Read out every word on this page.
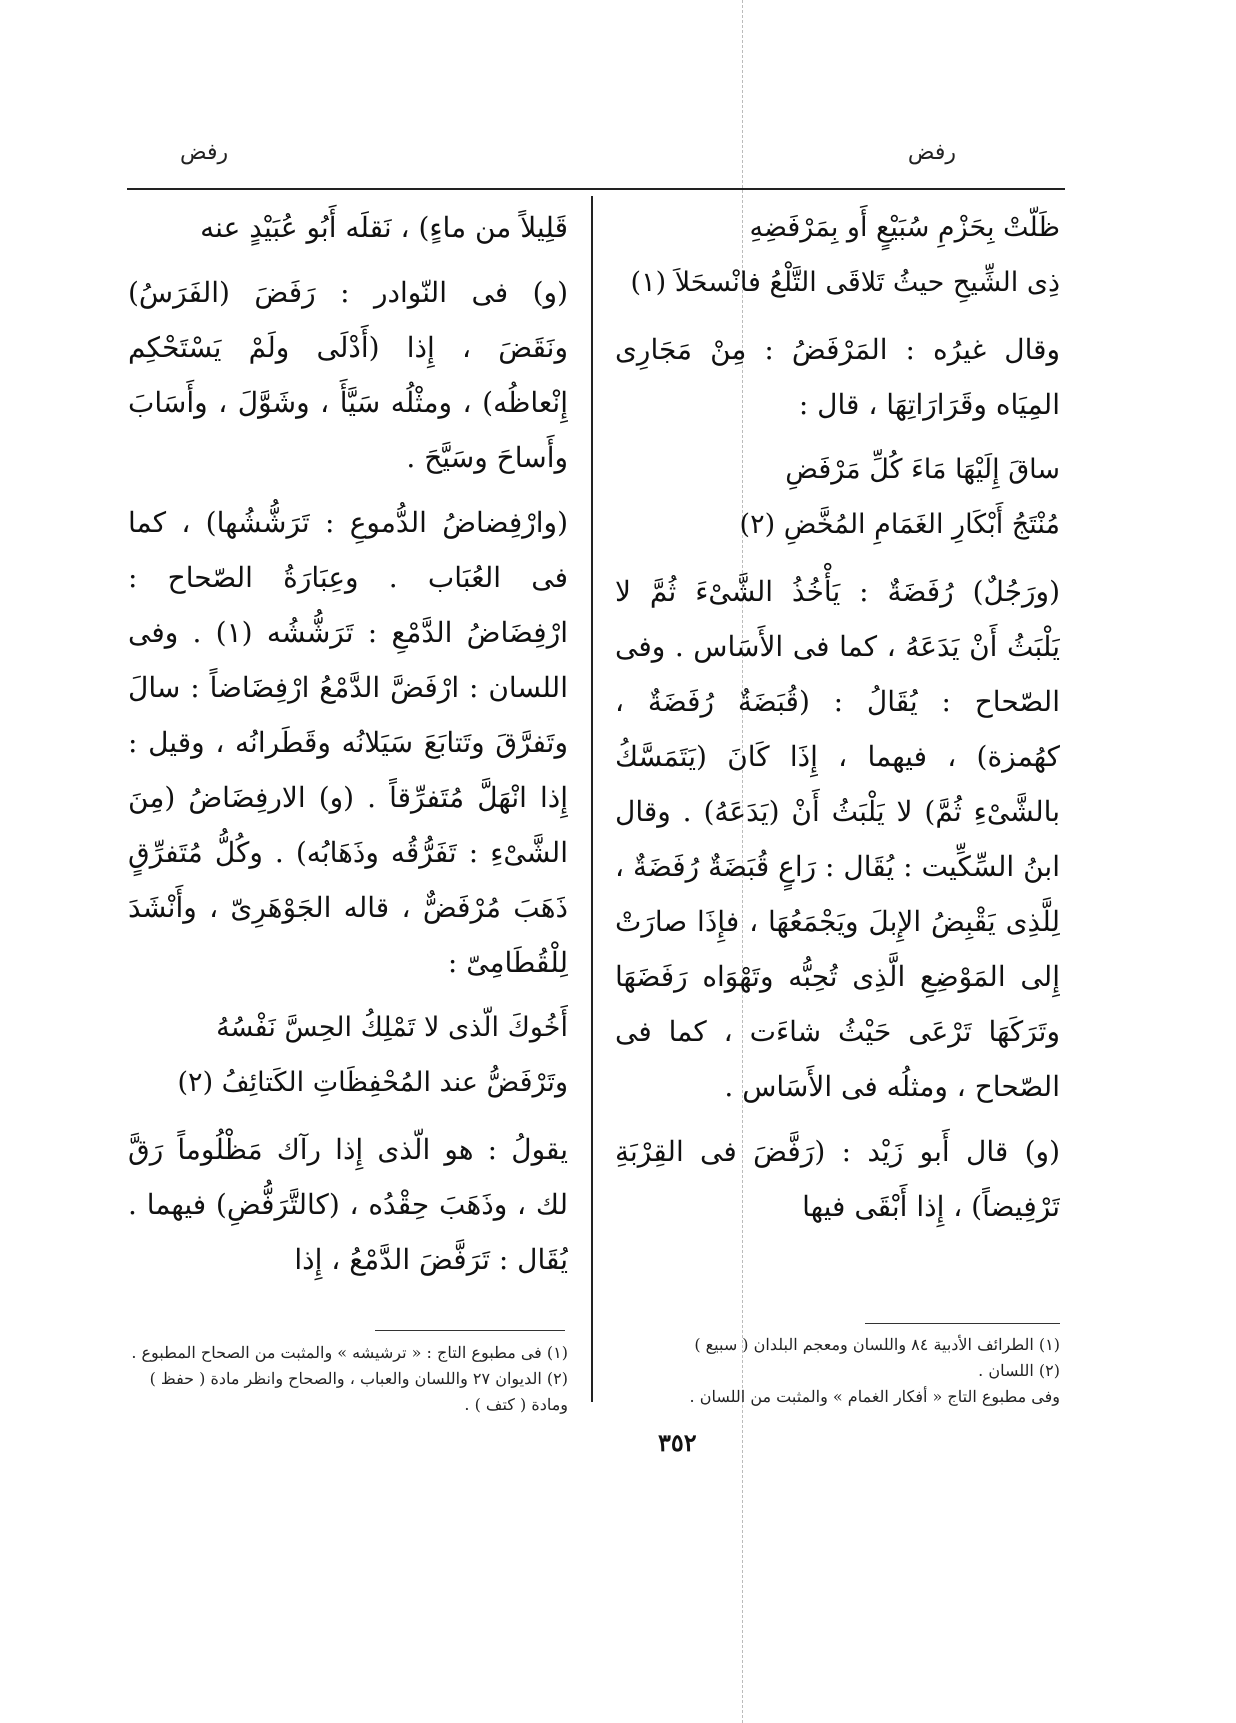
رفض
رفض

ظَلّتْ بِحَزْمِ سُبَيْعٍ أَو بِمَرْفَضِهِ

ذِى الشِّيحِ حيثُ تَلاقَى التَّلْعُ فانْسحَلاَ (١)

وقال غيرُه : المَرْفَضُ : مِنْ مَجَارِى المِيَاه وقَرَارَاتِهَا ، قال :

ساقَ إِلَيْهَا مَاءَ كُلِّ مَرْفَضِ

مُنْتَجُ أَبْكَارِ الغَمَامِ المُخَّضِ (٢)

(ورَجُلٌ) رُفَضَةٌ : يَأْخُذُ الشَّىْءَ ثُمَّ لا يَلْبَثُ أَنْ يَدَعَهُ ، كما فى الأَسَاس . وفى الصّحاح : يُقَالُ : (قُبَضَةٌ رُفَضَةٌ ، كهُمزة) ، فيهما ، إِذَا كَانَ (يَتَمَسَّكُ بالشَّىْءِ ثُمَّ) لا يَلْبَثُ أَنْ (يَدَعَهُ) . وقال ابنُ السِّكِّيت : يُقَال : رَاعٍ قُبَضَةٌ رُفَضَةٌ ، لِلَّذِى يَقْبِضُ الإِبلَ ويَجْمَعُهَا ، فإِذَا صارَتْ إِلى المَوْضِعِ الَّذِى تُحِبُّه وتَهْوَاه رَفَضَهَا وتَرَكَهَا تَرْعَى حَيْثُ شاءَت ، كما فى الصّحاح ، ومثلُه فى الأَسَاس .

(و) قال أَبو زَيْد : (رَفَّضَ فى القِرْبَةِ تَرْفِيضاً) ، إِذا أَبْقَى فيها

قَلِيلاً من ماءٍ) ، نَقلَه أَبُو عُبَيْدٍ عنه

(و) فى النّوادر : رَفَضَ (الفَرَسُ) ونَقَضَ ، إِذا (أَدْلَى ولَمْ يَسْتَحْكِم إِنْعاظُه) ، ومثْلُه سَيَّأَ ، وشَوَّلَ ، وأَسَابَ وأَساحَ وسَيَّحَ .

(وارْفِضاضُ الدُّموعِ : تَرَشُّشُها) ، كما فى العُبَاب . وعِبَارَةُ الصّحاح : ارْفِضَاضُ الدَّمْعِ : تَرَشُّشُه (١) . وفى اللسان : ارْفَضَّ الدَّمْعُ ارْفِضَاضاً : سالَ وتَفرَّقَ وتَتابَعَ سَيَلانُه وقَطَرانُه ، وقيل : إِذا انْهَلَّ مُتَفرِّقاً . (و) الارفِضَاضُ (مِنَ الشَّىْءِ : تَفَرُّقُه وذَهَابُه) . وكُلُّ مُتَفرِّقٍ ذَهَبَ مُرْفَضٌّ ، قاله الجَوْهَرِىّ ، وأَنْشَدَ لِلْقُطَامِىّ :

أَخُوكَ الّذى لا تَمْلِكُ الحِسَّ نَفْسُهُ

وتَرْفَضُّ عند المُحْفِظَاتِ الكَتائِفُ (٢)

يقولُ : هو الّذى إِذا رآك مَظْلُوماً رَقَّ لك ، وذَهَبَ حِقْدُه ، (كالتَّرَفُّضِ) فيهما . يُقَال : تَرَفَّضَ الدَّمْعُ ، إِذا

(١) الطرائف الأدبية ٨٤ واللسان ومعجم البلدان ( سبيع )
(٢) اللسان .
وفى مطبوع التاج « أفكار الغمام » والمثبت من اللسان .
(١) فى مطبوع التاج : « ترشيشه » والمثبت من الصحاح المطبوع .
(٢) الديوان ٢٧ واللسان والعباب ، والصحاح وانظر مادة ( حفظ ) ومادة ( كتف ) .
٣٥٢
